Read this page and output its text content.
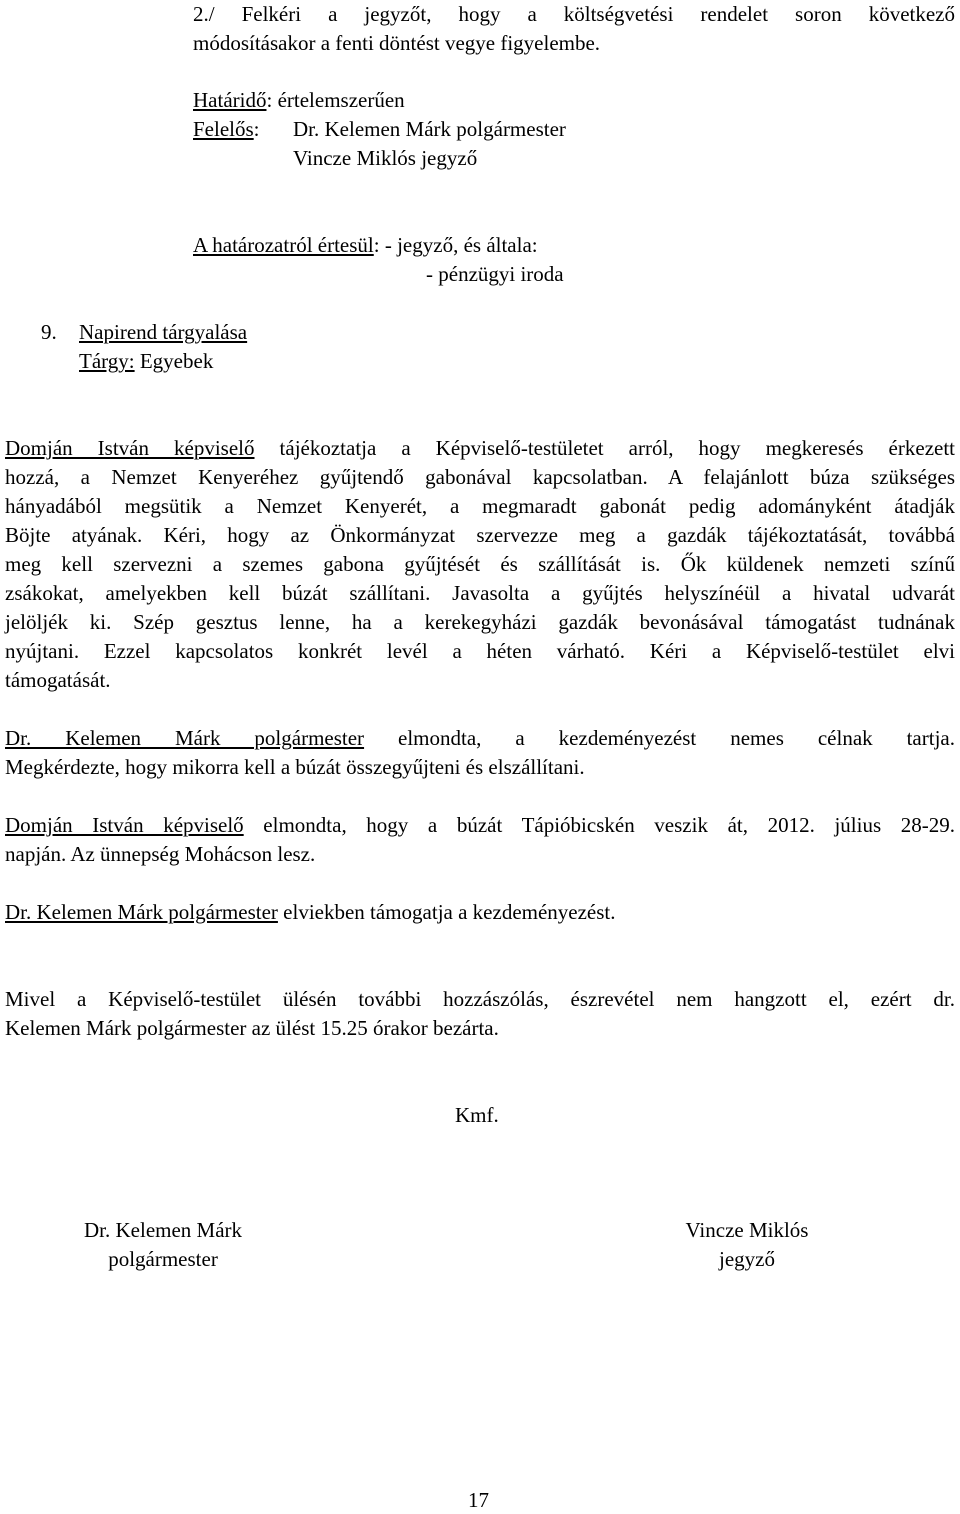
2./ Felkéri a jegyzőt, hogy a költségvetési rendelet soron következő
módosításakor a fenti döntést vegye figyelembe.
Határidő: értelemszerűen
Felelős: Dr. Kelemen Márk polgármester
Vincze Miklós jegyző
A határozatról értesül: - jegyző, és általa:
- pénzügyi iroda
9. Napirend tárgyalása
Tárgy: Egyebek
Domján István képviselő tájékoztatja a Képviselő-testületet arról, hogy megkeresés érkezett
hozzá, a Nemzet Kenyeréhez gyűjtendő gabonával kapcsolatban. A felajánlott búza szükséges
hányadából megsütik a Nemzet Kenyerét, a megmaradt gabonát pedig adományként átadják
Böjte atyának. Kéri, hogy az Önkormányzat szervezze meg a gazdák tájékoztatását, továbbá
meg kell szervezni a szemes gabona gyűjtését és szállítását is. Ők küldenek nemzeti színű
zsákokat, amelyekben kell búzát szállítani. Javasolta a gyűjtés helyszínéül a hivatal udvarát
jelöljék ki. Szép gesztus lenne, ha a kerekegyházi gazdák bevonásával támogatást tudnának
nyújtani. Ezzel kapcsolatos konkrét levél a héten várható. Kéri a Képviselő-testület elvi
támogatását.
Dr. Kelemen Márk polgármester elmondta, a kezdeményezést nemes célnak tartja.
Megkérdezte, hogy mikorra kell a búzát összegyűjteni és elszállítani.
Domján István képviselő elmondta, hogy a búzát Tápióbicskén veszik át, 2012. július 28-29.
napján. Az ünnepség Mohácson lesz.
Dr. Kelemen Márk polgármester elviekben támogatja a kezdeményezést.
Mivel a Képviselő-testület ülésén további hozzászólás, észrevétel nem hangzott el, ezért dr.
Kelemen Márk polgármester az ülést 15.25 órakor bezárta.
Kmf.
Dr. Kelemen Márk
polgármester
Vincze Miklós
jegyző
17
